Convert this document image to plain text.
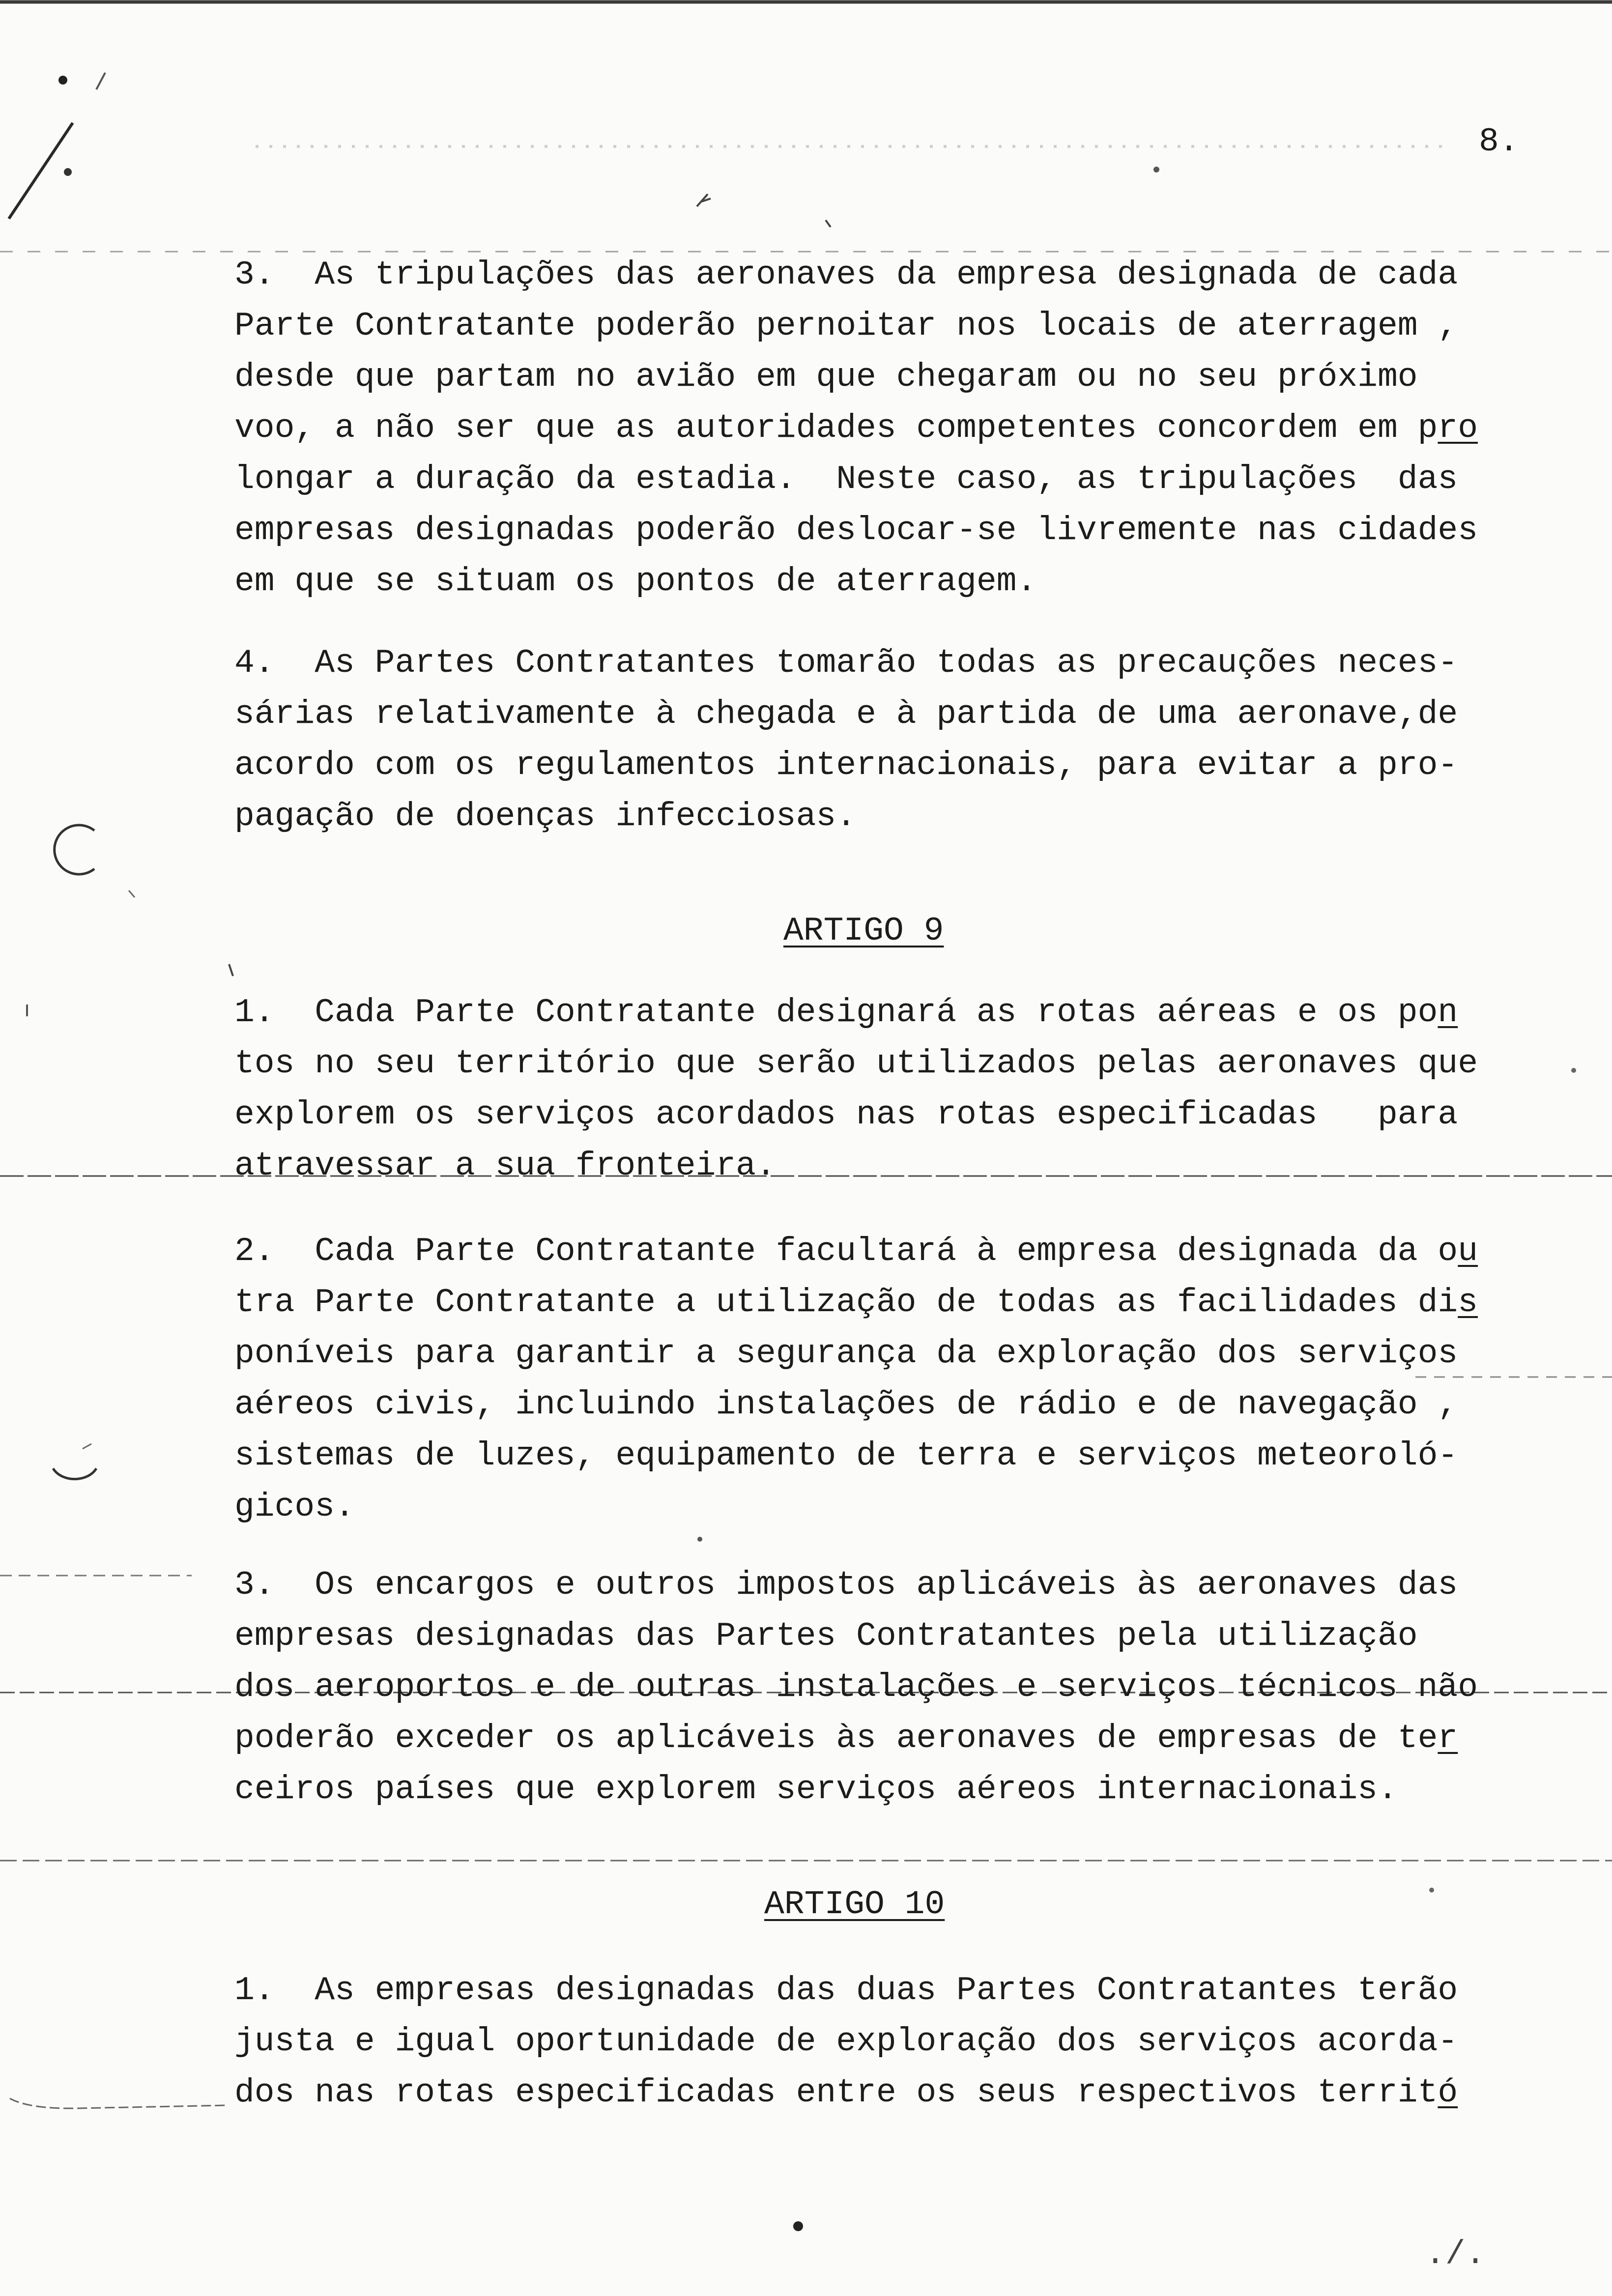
8.
3.  As tripulações das aeronaves da empresa designada de cada
Parte Contratante poderão pernoitar nos locais de aterragem ,
desde que partam no avião em que chegaram ou no seu próximo
voo, a não ser que as autoridades competentes concordem em pro
longar a duração da estadia.  Neste caso, as tripulações  das
empresas designadas poderão deslocar-se livremente nas cidades
em que se situam os pontos de aterragem.
4.  As Partes Contratantes tomarão todas as precauções neces-
sárias relativamente à chegada e à partida de uma aeronave,de
acordo com os regulamentos internacionais, para evitar a pro-
pagação de doenças infecciosas.
ARTIGO 9
1.  Cada Parte Contratante designará as rotas aéreas e os pon
tos no seu território que serão utilizados pelas aeronaves que
explorem os serviços acordados nas rotas especificadas   para
atravessar a sua fronteira.
2.  Cada Parte Contratante facultará à empresa designada da ou
tra Parte Contratante a utilização de todas as facilidades dis
poníveis para garantir a segurança da exploração dos serviços
aéreos civis, incluindo instalações de rádio e de navegação ,
sistemas de luzes, equipamento de terra e serviços meteoroló-
gicos.
3.  Os encargos e outros impostos aplicáveis às aeronaves das
empresas designadas das Partes Contratantes pela utilização
dos aeroportos e de outras instalações e serviços técnicos não
poderão exceder os aplicáveis às aeronaves de empresas de ter
ceiros países que explorem serviços aéreos internacionais.
ARTIGO 10
1.  As empresas designadas das duas Partes Contratantes terão
justa e igual oportunidade de exploração dos serviços acorda-
dos nas rotas especificadas entre os seus respectivos territó
./.
